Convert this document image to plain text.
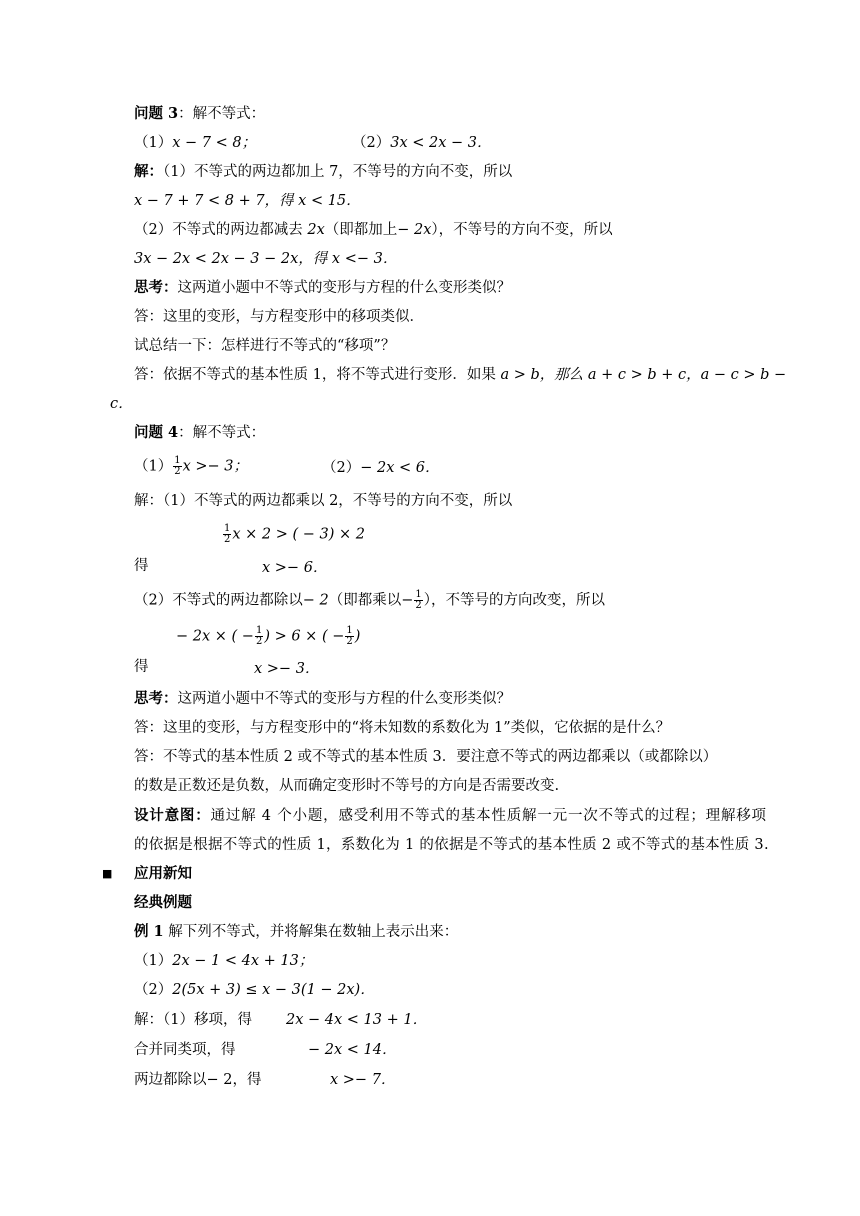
问题 3：解不等式：
（1）x − 7 < 8；	（2）3x < 2x − 3．
解：（1）不等式的两边都加上 7，不等号的方向不变，所以
x − 7 + 7 < 8 + 7，得 x < 15．
（2）不等式的两边都减去 2x（即都加上− 2x），不等号的方向不变，所以
3x − 2x < 2x − 3 − 2x，得 x <− 3．
思考：这两道小题中不等式的变形与方程的什么变形类似？
答：这里的变形，与方程变形中的移项类似．
试总结一下：怎样进行不等式的“移项”？
答：依据不等式的基本性质 1，将不等式进行变形．如果 a > b，那么 a + c > b + c，a − c > b −
c．
问题 4：解不等式：
$(1) \frac{1}{2}$ x >− 3；	（2）− 2x < 6．
解：（1）不等式的两边都乘以 2，不等号的方向不变，所以
$\frac{1}{2}$ x × 2 > ( − 3) × 2
得	x >− 6．
（2）不等式的两边都除以− 2（即都乘以− $\frac{1}{2}$ ），不等号的方向改变，所以
− 2x × ( − $\frac{1}{2}$ ) > 6 × ( − $\frac{1}{2}$ )
得	x >− 3．
思考：这两道小题中不等式的变形与方程的什么变形类似？
答：这里的变形，与方程变形中的“将未知数的系数化为 1”类似，它依据的是什么？
答：不等式的基本性质 2 或不等式的基本性质 3．要注意不等式的两边都乘以（或都除以）
的数是正数还是负数，从而确定变形时不等号的方向是否需要改变.
设计意图：通过解 4 个小题，感受利用不等式的基本性质解一元一次不等式的过程；理解移项
的依据是根据不等式的性质 1，系数化为 1 的依据是不等式的基本性质 2 或不等式的基本性质 3.
■ 应用新知
经典例题
例 1 解下列不等式，并将解集在数轴上表示出来：
（1）2x − 1 < 4x + 13；
（2）2(5x + 3) ≤ x − 3(1 − 2x)．
解：（1）移项，得 2x − 4x < 13 + 1．
合并同类项，得	− 2x < 14．
两边都除以− 2，得	x >− 7．
